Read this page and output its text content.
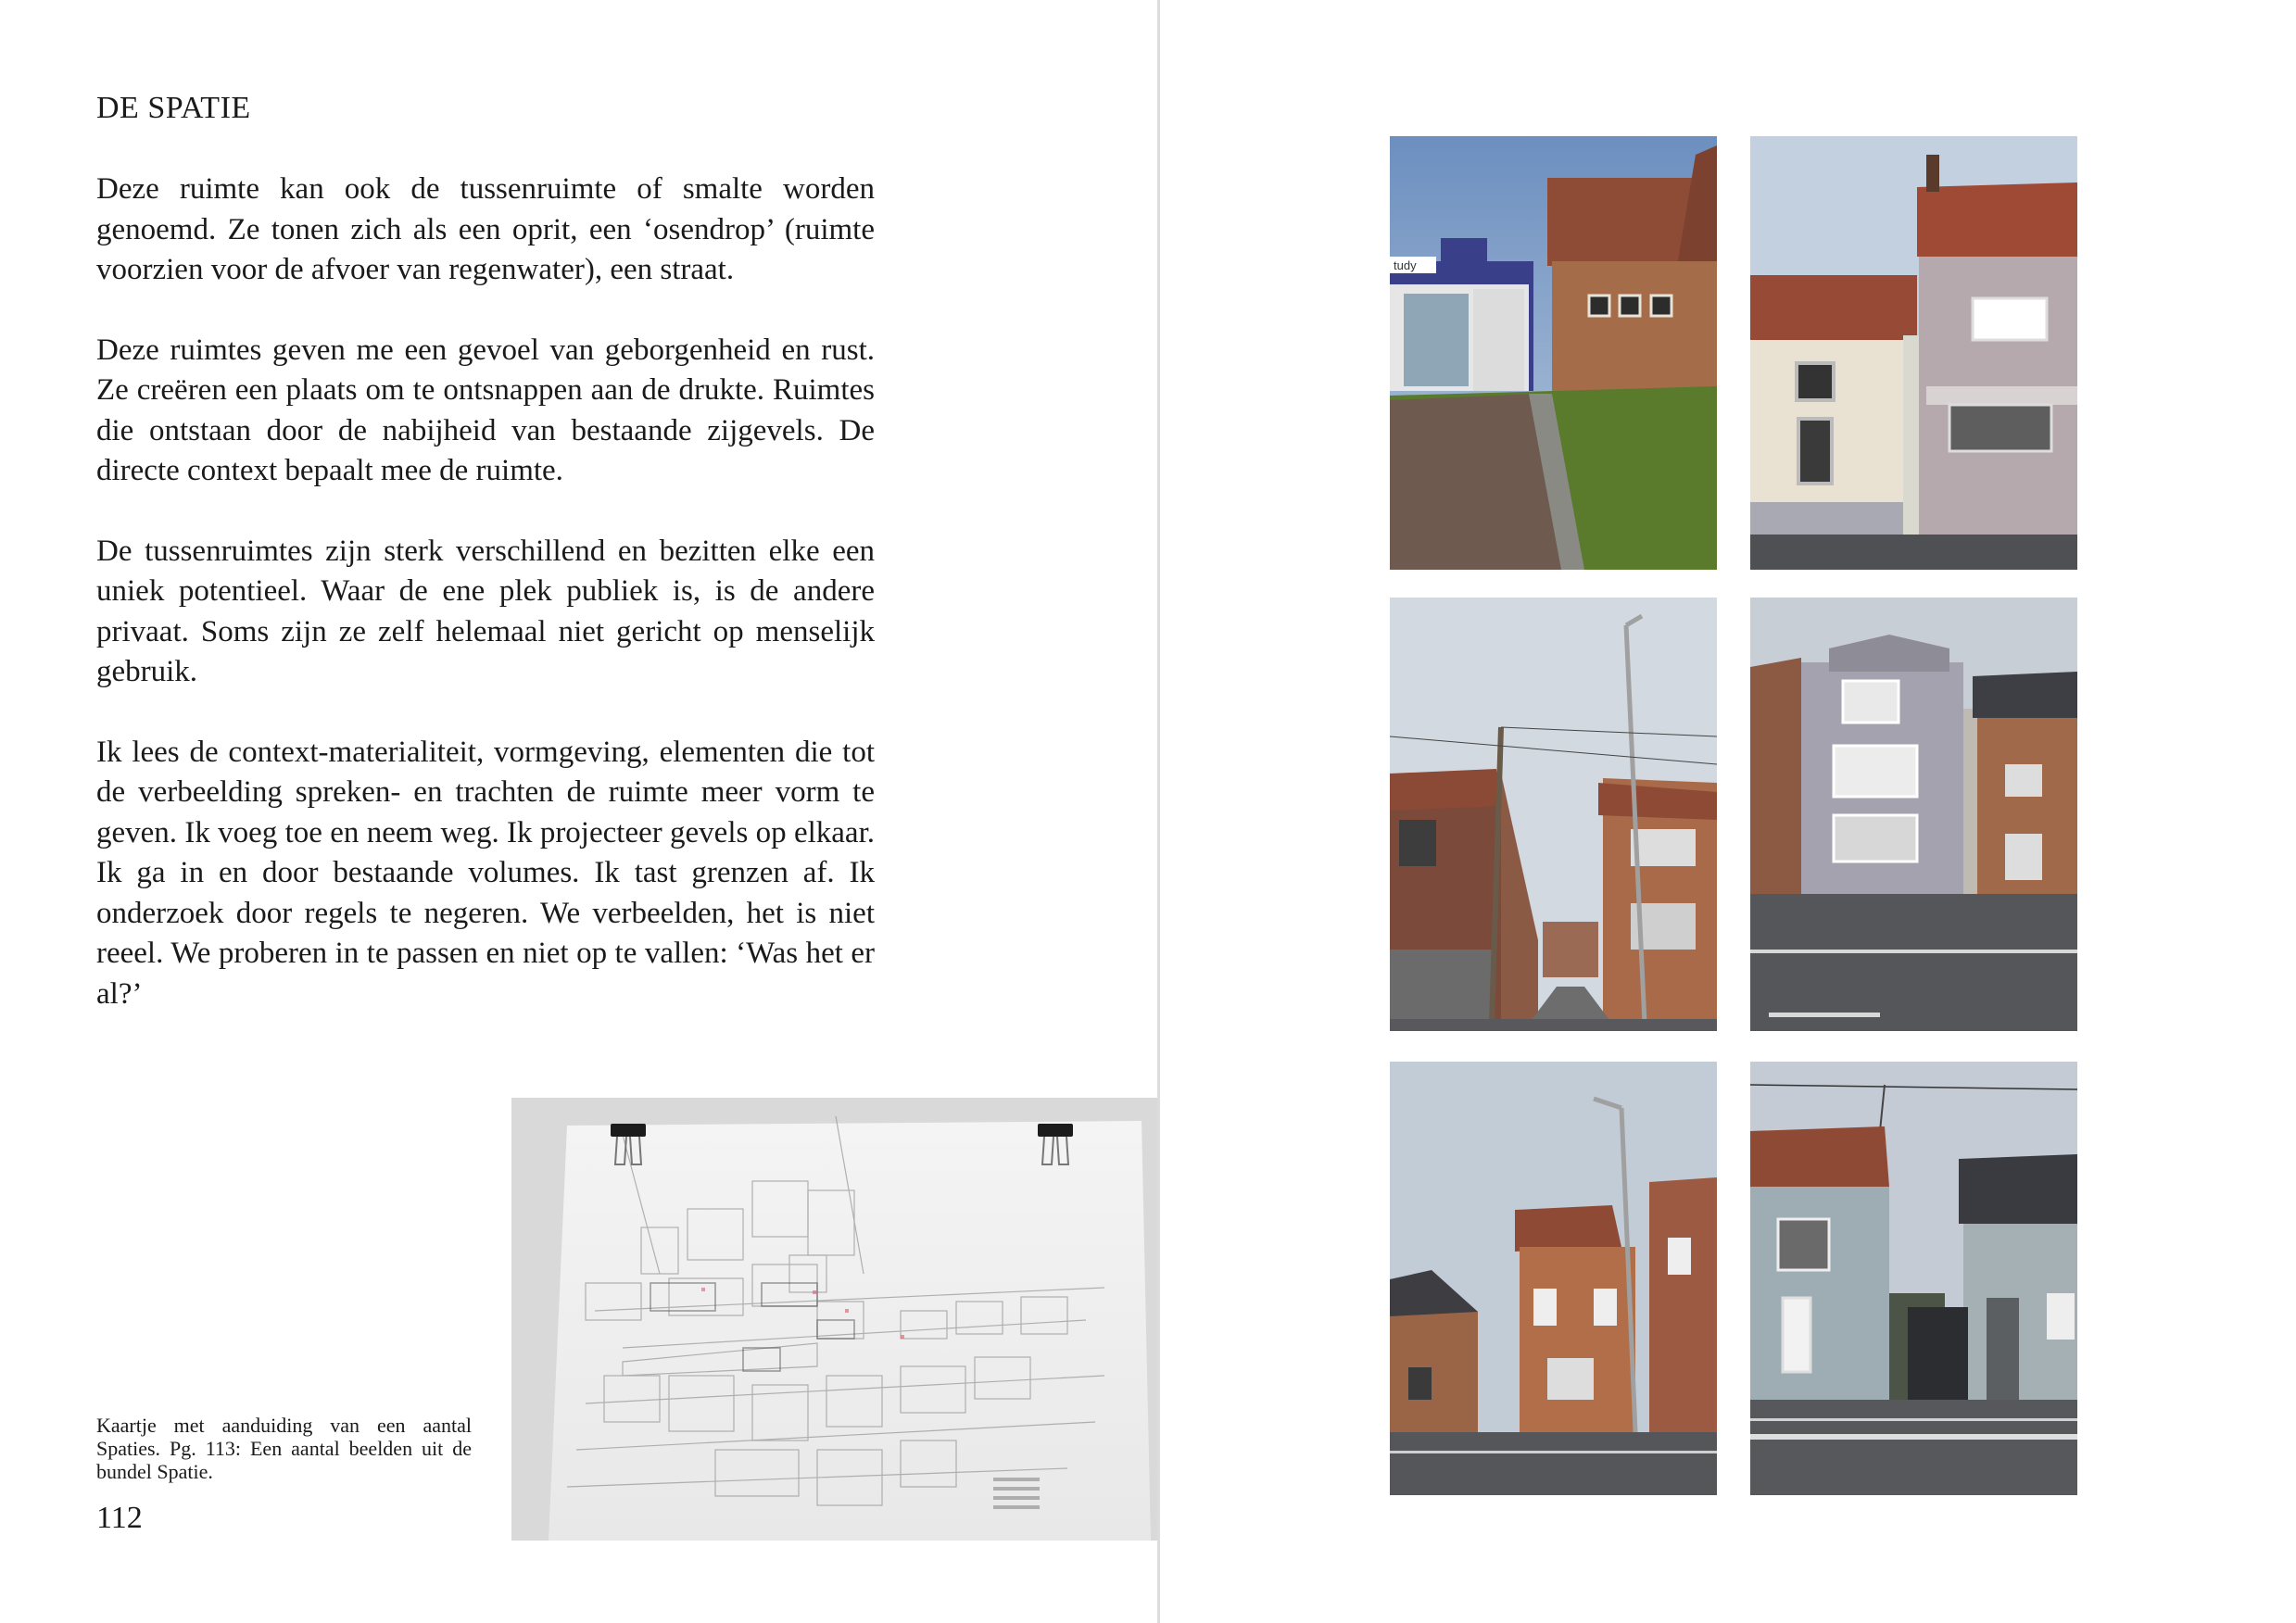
DE SPATIE

Deze ruimte kan ook de tussenruimte of smalte worden genoemd. Ze tonen zich als een oprit, een ‘osendrop’ (ruimte voorzien voor de afvoer van regenwater), een straat.

Deze ruimtes geven me een gevoel van geborgenheid en rust. Ze creëren een plaats om te ontsnappen aan de drukte. Ruimtes die ontstaan door de nabijheid van bestaande zijgevels. De directe context bepaalt mee de ruimte.

De tussenruimtes zijn sterk verschillend en bezitten elke een uniek potentieel. Waar de ene plek publiek is, is de andere privaat. Soms zijn ze zelf helemaal niet gericht op menselijk gebruik.

Ik lees de context-materialiteit, vormgeving, elementen die tot de verbeelding spreken- en trachten de ruimte meer vorm te geven. Ik voeg toe en neem weg. Ik projecteer gevels op elkaar. Ik ga in en door bestaande volumes. Ik tast grenzen af. Ik onderzoek door regels te negeren. We verbeelden, het is niet reeel. We proberen in te passen en niet op te vallen: ‘Was het er al?’

Kaartje met aanduiding van een aantal Spaties. Pg. 113: Een aantal beelden uit de bundel Spatie.
112
tudy
